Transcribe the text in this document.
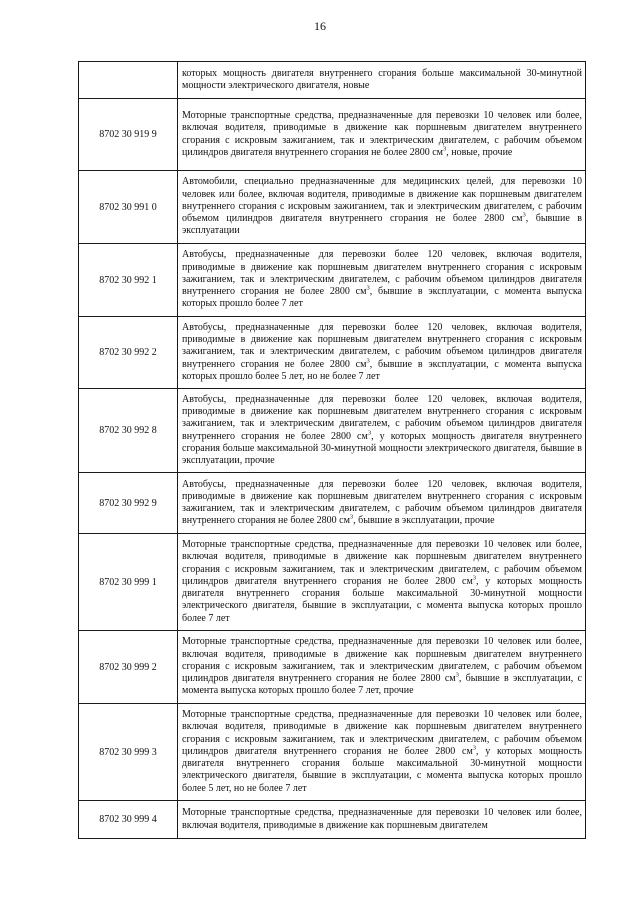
16
	которых мощность двигателя внутреннего сгорания больше максимальной 30-минутной мощности электрического двигателя, новые
8702 30 919 9	Моторные транспортные средства, предназначенные для перевозки 10 человек или более, включая водителя, приводимые в движение как поршневым двигателем внутреннего сгорания с искровым зажиганием, так и электрическим двигателем, с рабочим объемом цилиндров двигателя внутреннего сгорания не более 2800 $см^3$, новые, прочие
8702 30 991 0	Автомобили, специально предназначенные для медицинских целей, для перевозки 10 человек или более, включая водителя, приводимые в движение как поршневым двигателем внутреннего сгорания с искровым зажиганием, так и электрическим двигателем, с рабочим объемом цилиндров двигателя внутреннего сгорания не более 2800 $см^3$, бывшие в эксплуатации
8702 30 992 1	Автобусы, предназначенные для перевозки более 120 человек, включая водителя, приводимые в движение как поршневым двигателем внутреннего сгорания с искровым зажиганием, так и электрическим двигателем, с рабочим объемом цилиндров двигателя внутреннего сгорания не более 2800 $см^3$, бывшие в эксплуатации, с момента выпуска которых прошло более 7 лет
8702 30 992 2	Автобусы, предназначенные для перевозки более 120 человек, включая водителя, приводимые в движение как поршневым двигателем внутреннего сгорания с искровым зажиганием, так и электрическим двигателем, с рабочим объемом цилиндров двигателя внутреннего сгорания не более 2800 $см^3$, бывшие в эксплуатации, с момента выпуска которых прошло более 5 лет, но не более 7 лет
8702 30 992 8	Автобусы, предназначенные для перевозки более 120 человек, включая водителя, приводимые в движение как поршневым двигателем внутреннего сгорания с искровым зажиганием, так и электрическим двигателем, с рабочим объемом цилиндров двигателя внутреннего сгорания не более 2800 $см^3$, у которых мощность двигателя внутреннего сгорания больше максимальной 30-минутной мощности электрического двигателя, бывшие в эксплуатации, прочие
8702 30 992 9	Автобусы, предназначенные для перевозки более 120 человек, включая водителя, приводимые в движение как поршневым двигателем внутреннего сгорания с искровым зажиганием, так и электрическим двигателем, с рабочим объемом цилиндров двигателя внутреннего сгорания не более 2800 $см^3$, бывшие в эксплуатации, прочие
8702 30 999 1	Моторные транспортные средства, предназначенные для перевозки 10 человек или более, включая водителя, приводимые в движение как поршневым двигателем внутреннего сгорания с искровым зажиганием, так и электрическим двигателем, с рабочим объемом цилиндров двигателя внутреннего сгорания не более 2800 $см^3$, у которых мощность двигателя внутреннего сгорания больше максимальной 30-минутной мощности электрического двигателя, бывшие в эксплуатации, с момента выпуска которых прошло более 7 лет
8702 30 999 2	Моторные транспортные средства, предназначенные для перевозки 10 человек или более, включая водителя, приводимые в движение как поршневым двигателем внутреннего сгорания с искровым зажиганием, так и электрическим двигателем, с рабочим объемом цилиндров двигателя внутреннего сгорания не более 2800 $см^3$, бывшие в эксплуатации, с момента выпуска которых прошло более 7 лет, прочие
8702 30 999 3	Моторные транспортные средства, предназначенные для перевозки 10 человек или более, включая водителя, приводимые в движение как поршневым двигателем внутреннего сгорания с искровым зажиганием, так и электрическим двигателем, с рабочим объемом цилиндров двигателя внутреннего сгорания не более 2800 $см^3$, у которых мощность двигателя внутреннего сгорания больше максимальной 30-минутной мощности электрического двигателя, бывшие в эксплуатации, с момента выпуска которых прошло более 5 лет, но не более 7 лет
8702 30 999 4	Моторные транспортные средства, предназначенные для перевозки 10 человек или более, включая водителя, приводимые в движение как поршневым двигателем
